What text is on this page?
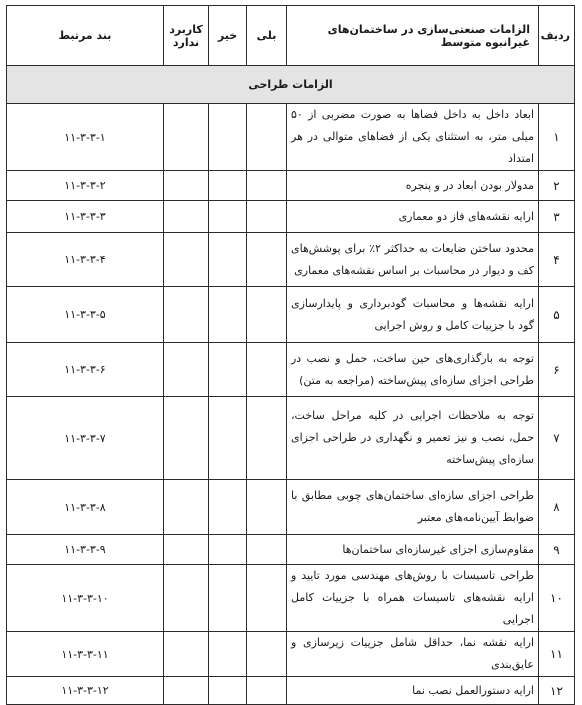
ردیف	الزامات صنعتی‌سازی در ساختمان‌های غیرانبوه متوسط	بلی	خیر	کاربرد ندارد	بند مرتبط
الزامات طراحی					
۱	ابعاد داخل به داخل فضاها به صورت مضربی از ۵۰ میلی متر، به استثنای یکی از فضاهای متوالی در هر امتداد				۱۱-۳-۳-۱
۲	مدولار بودن ابعاد در و پنجره				۱۱-۳-۳-۲
۳	ارایه نقشه‌های فاز دو معماری				۱۱-۳-۳-۳
۴	محدود ساختن ضایعات به حداکثر ۲٪ برای پوشش‌های کف و دیوار در محاسبات بر اساس نقشه‌های معماری				۱۱-۳-۳-۴
۵	ارایه نقشه‌ها و محاسبات گودبرداری و پایدارسازی گود با جزییات کامل و روش اجرایی				۱۱-۳-۳-۵
۶	توجه به بارگذاری‌های حین ساخت، حمل و نصب در طراحی اجزای سازه‌ای پیش‌ساخته (مراجعه به متن)				۱۱-۳-۳-۶
۷	توجه به ملاحظات اجرایی در کلیه مراحل ساخت، حمل، نصب و نیز تعمیر و نگهداری در طراحی اجزای سازه‌ای پیش‌ساخته				۱۱-۳-۳-۷
۸	طراحی اجزای سازه‌ای ساختمان‌های چوبی مطابق با ضوابط آیین‌نامه‌های معتبر				۱۱-۳-۳-۸
۹	مقاوم‌سازی اجزای غیرسازه‌ای ساختمان‌ها				۱۱-۳-۳-۹
۱۰	طراحی تاسیسات با روش‌های مهندسی مورد تایید و ارایه نقشه‌های تاسیسات همراه با جزییات کامل اجرایی				۱۱-۳-۳-۱۰
۱۱	ارایه نقشه نما، حداقل شامل جزییات زیرسازی و عایق‌بندی				۱۱-۳-۳-۱۱
۱۲	ارایه دستورالعمل نصب نما				۱۱-۳-۳-۱۲
